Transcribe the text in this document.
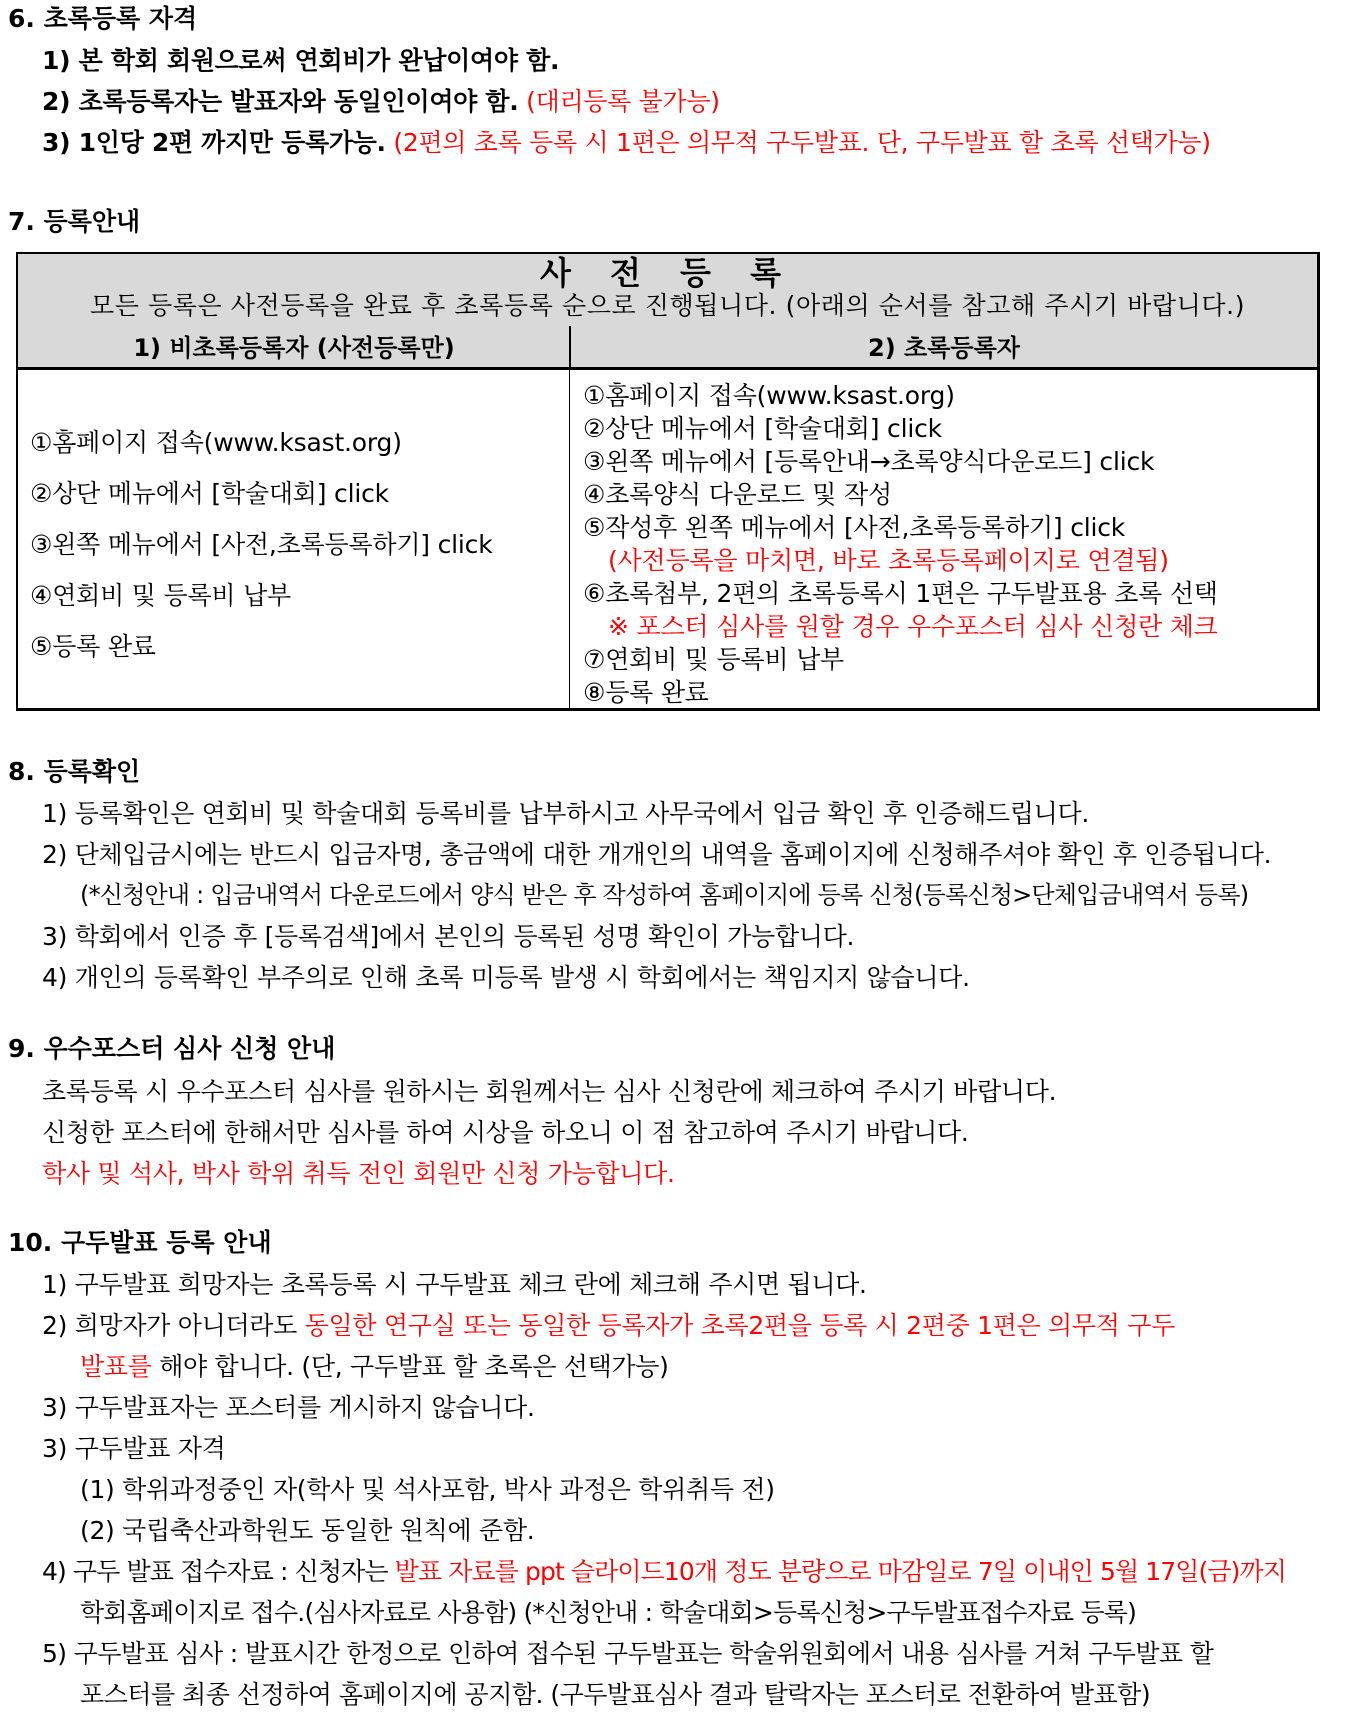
6. 초록등록 자격
1) 본 학회 회원으로써 연회비가 완납이여야 함.
2) 초록등록자는 발표자와 동일인이여야 함. (대리등록 불가능)
3) 1인당 2편 까지만 등록가능. (2편의 초록 등록 시 1편은 의무적 구두발표. 단, 구두발표 할 초록 선택가능)
7. 등록안내
사 전 등 록
모든 등록은 사전등록을 완료 후 초록등록 순으로 진행됩니다. (아래의 순서를 참고해 주시기 바랍니다.)
1) 비초록등록자 (사전등록만)	2) 초록등록자
①홈페이지 접속(www.ksast.org)
②상단 메뉴에서 [학술대회] click
③왼쪽 메뉴에서 [사전,초록등록하기] click
④연회비 및 등록비 납부
⑤등록 완료
①홈페이지 접속(www.ksast.org)
②상단 메뉴에서 [학술대회] click
③왼쪽 메뉴에서 [등록안내→초록양식다운로드] click
④초록양식 다운로드 및 작성
⑤작성후 왼쪽 메뉴에서 [사전,초록등록하기] click
(사전등록을 마치면, 바로 초록등록페이지로 연결됨)
⑥초록첨부, 2편의 초록등록시 1편은 구두발표용 초록 선택
※ 포스터 심사를 원할 경우 우수포스터 심사 신청란 체크
⑦연회비 및 등록비 납부
⑧등록 완료
8. 등록확인
1) 등록확인은 연회비 및 학술대회 등록비를 납부하시고 사무국에서 입금 확인 후 인증해드립니다.
2) 단체입금시에는 반드시 입금자명, 총금액에 대한 개개인의 내역을 홈페이지에 신청해주셔야 확인 후 인증됩니다.
(*신청안내 : 입금내역서 다운로드에서 양식 받은 후 작성하여 홈페이지에 등록 신청(등록신청>단체입금내역서 등록)
3) 학회에서 인증 후 [등록검색]에서 본인의 등록된 성명 확인이 가능합니다.
4) 개인의 등록확인 부주의로 인해 초록 미등록 발생 시 학회에서는 책임지지 않습니다.
9. 우수포스터 심사 신청 안내
초록등록 시 우수포스터 심사를 원하시는 회원께서는 심사 신청란에 체크하여 주시기 바랍니다.
신청한 포스터에 한해서만 심사를 하여 시상을 하오니 이 점 참고하여 주시기 바랍니다.
학사 및 석사, 박사 학위 취득 전인 회원만 신청 가능합니다.
10. 구두발표 등록 안내
1) 구두발표 희망자는 초록등록 시 구두발표 체크 란에 체크해 주시면 됩니다.
2) 희망자가 아니더라도 동일한 연구실 또는 동일한 등록자가 초록2편을 등록 시 2편중 1편은 의무적 구두
발표를 해야 합니다. (단, 구두발표 할 초록은 선택가능)
3) 구두발표자는 포스터를 게시하지 않습니다.
3) 구두발표 자격
(1) 학위과정중인 자(학사 및 석사포함, 박사 과정은 학위취득 전)
(2) 국립축산과학원도 동일한 원칙에 준함.
4) 구두 발표 접수자료 : 신청자는 발표 자료를 ppt 슬라이드10개 정도 분량으로 마감일로 7일 이내인 5월 17일(금)까지
학회홈페이지로 접수.(심사자료로 사용함) (*신청안내 : 학술대회>등록신청>구두발표접수자료 등록)
5) 구두발표 심사 : 발표시간 한정으로 인하여 접수된 구두발표는 학술위원회에서 내용 심사를 거쳐 구두발표 할
포스터를 최종 선정하여 홈페이지에 공지함. (구두발표심사 결과 탈락자는 포스터로 전환하여 발표함)
